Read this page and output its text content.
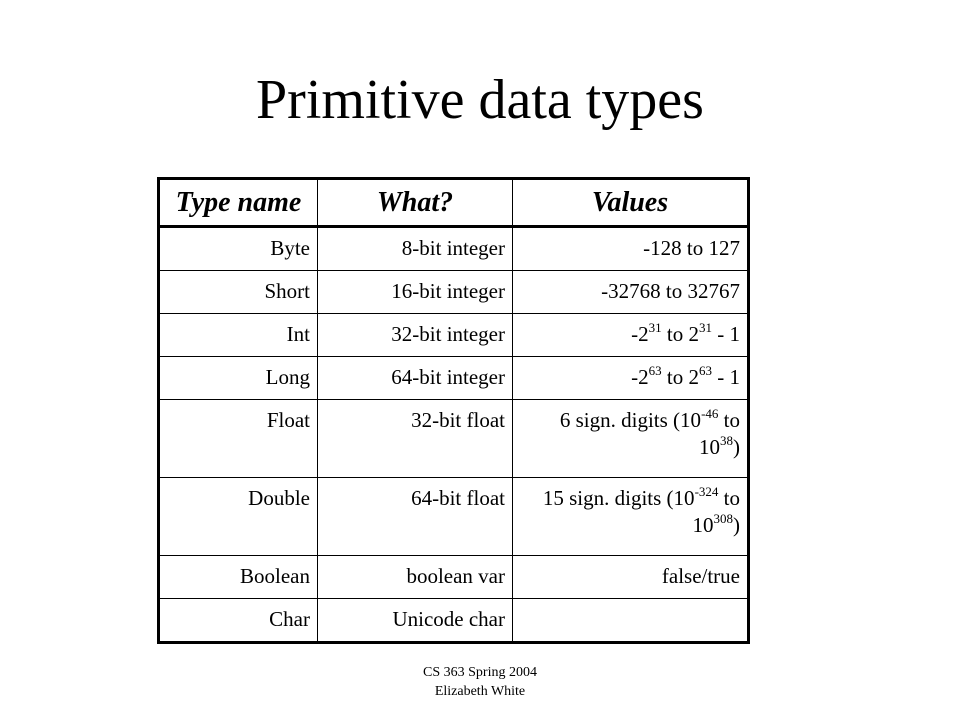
Primitive data types
Type name	What?	Values
Byte	8-bit integer	-128 to 127
Short	16-bit integer	-32768 to 32767
Int	32-bit integer	$-2^{31}$ to $2^{31} - 1$
Long	64-bit integer	$-2^{63}$ to $2^{63} - 1$
Float	32-bit float	6 sign. digits ($10^{-46}$ to $10^{38}$)
Double	64-bit float	15 sign. digits ($10^{-324}$ to $10^{308}$)
Boolean	boolean var	false/true
Char	Unicode char	
CS 363 Spring 2004
Elizabeth White
